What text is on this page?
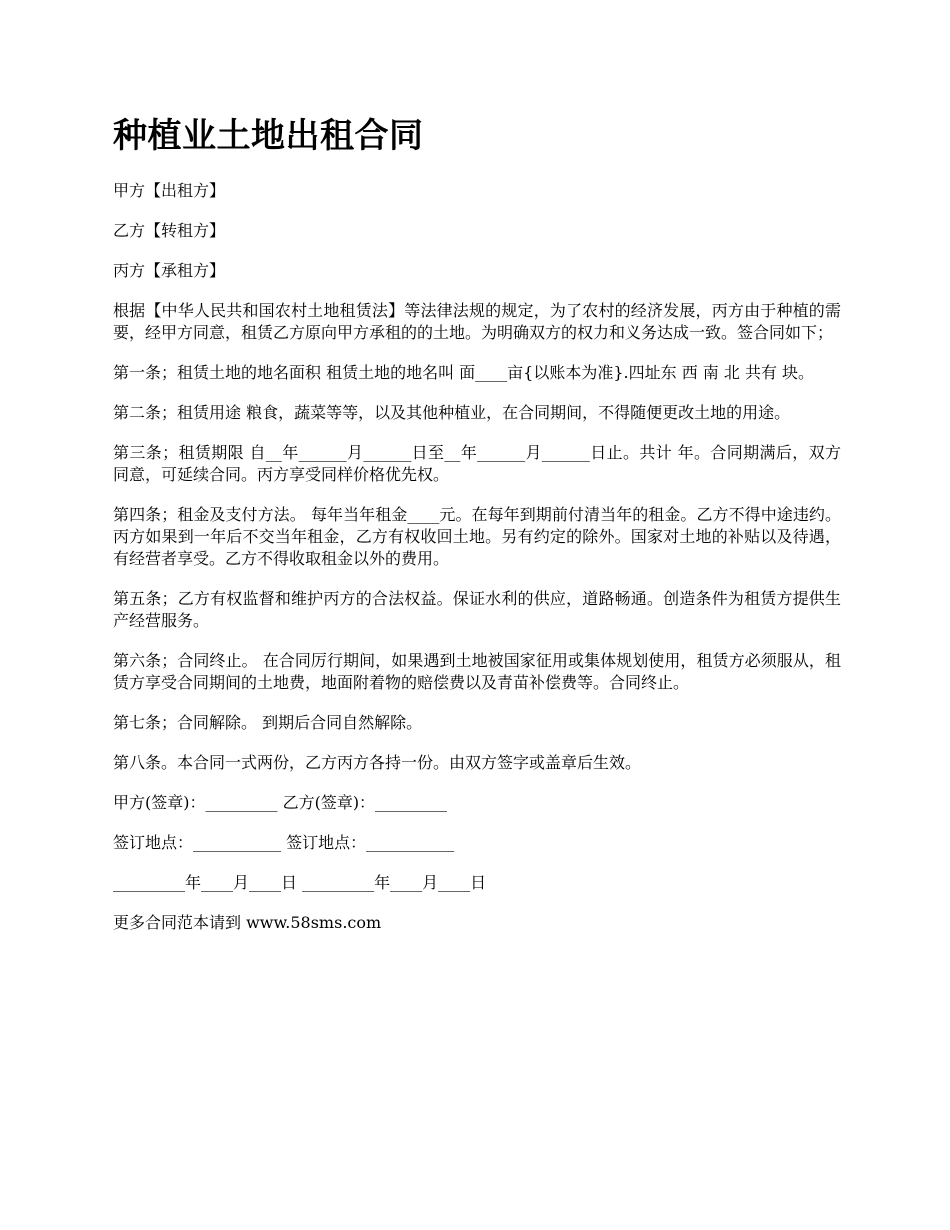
种植业土地出租合同

甲方【出租方】

乙方【转租方】

丙方【承租方】

根据【中华人民共和国农村土地租赁法】等法律法规的规定，为了农村的经济发展，丙方由于种植的需要，经甲方同意，租赁乙方原向甲方承租的的土地。为明确双方的权力和义务达成一致。签合同如下；

第一条；租赁土地的地名面积 租赁土地的地名叫 面____亩{以账本为准}.四址东 西 南 北 共有 块。

第二条；租赁用途 粮食，蔬菜等等，以及其他种植业，在合同期间，不得随便更改土地的用途。

第三条；租赁期限 自__年______月______日至__年______月______日止。共计 年。合同期满后，双方同意，可延续合同。丙方享受同样价格优先权。

第四条；租金及支付方法。 每年当年租金____元。在每年到期前付清当年的租金。乙方不得中途违约。丙方如果到一年后不交当年租金，乙方有权收回土地。另有约定的除外。国家对土地的补贴以及待遇，有经营者享受。乙方不得收取租金以外的费用。

第五条；乙方有权监督和维护丙方的合法权益。保证水利的供应，道路畅通。创造条件为租赁方提供生产经营服务。

第六条；合同终止。 在合同厉行期间，如果遇到土地被国家征用或集体规划使用，租赁方必须服从，租赁方享受合同期间的土地费，地面附着物的赔偿费以及青苗补偿费等。合同终止。

第七条；合同解除。 到期后合同自然解除。

第八条。本合同一式两份，乙方丙方各持一份。由双方签字或盖章后生效。

甲方(签章)：_________ 乙方(签章)：_________

签订地点：___________ 签订地点：___________

_________年____月____日 _________年____月____日

更多合同范本请到 www.58sms.com
